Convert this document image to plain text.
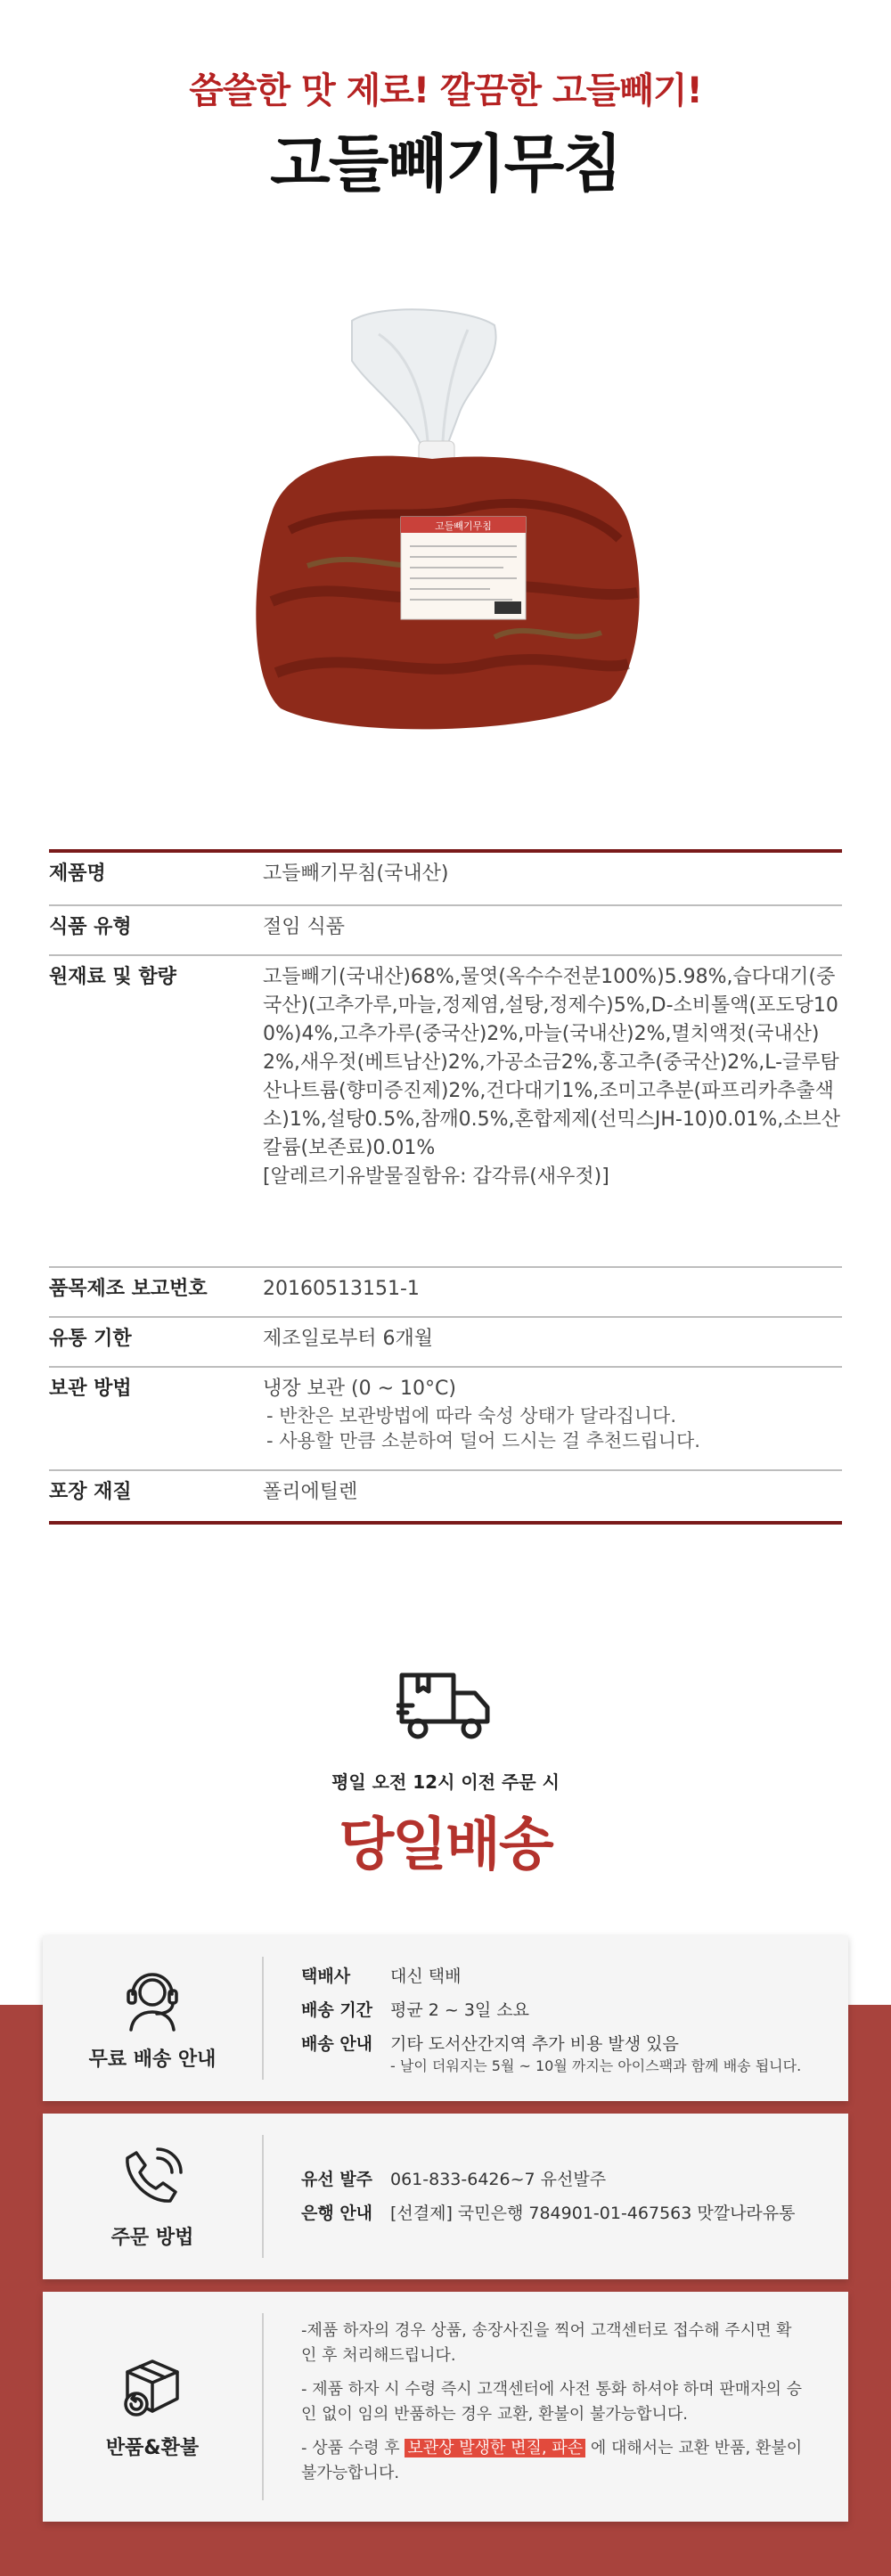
씁쓸한 맛 제로! 깔끔한 고들빼기!
고들빼기무침
고들빼기무침
제품명	고들빼기무침(국내산)
식품 유형	절임 식품
원재료 및 함량	고들빼기(국내산)68%,물엿(옥수수전분100%)5.98%,습다대기(중국산)(고추가루,마늘,정제염,설탕,정제수)5%,D-소비톨액(포도당100%)4%,고추가루(중국산)2%,마늘(국내산)2%,멸치액젓(국내산)2%,새우젓(베트남산)2%,가공소금2%,홍고추(중국산)2%,L-글루탐산나트륨(향미증진제)2%,건다대기1%,조미고추분(파프리카추출색소)1%,설탕0.5%,참깨0.5%,혼합제제(선믹스JH-10)0.01%,소브산칼륨(보존료)0.01%
[알레르기유발물질함유: 갑각류(새우젓)]
품목제조 보고번호	20160513151-1
유통 기한	제조일로부터 6개월
보관 방법	냉장 보관 (0 ~ 10°C)
- 반찬은 보관방법에 따라 숙성 상태가 달라집니다.
- 사용할 만큼 소분하여 덜어 드시는 걸 추천드립니다.
포장 재질	폴리에틸렌
평일 오전 12시 이전 주문 시
당일배송
무료 배송 안내
택배사 대신 택배
배송 기간 평균 2 ~ 3일 소요
배송 안내 기타 도서산간지역 추가 비용 발생 있음
- 날이 더워지는 5월 ~ 10월 까지는 아이스팩과 함께 배송 됩니다.
주문 방법
유선 발주 061-833-6426~7 유선발주
은행 안내 [선결제] 국민은행 784901-01-467563 맛깔나라유통
반품&환불
-제품 하자의 경우 상품, 송장사진을 찍어 고객센터로 접수해 주시면 확인 후 처리해드립니다.
- 제품 하자 시 수령 즉시 고객센터에 사전 통화 하셔야 하며 판매자의 승인 없이 임의 반품하는 경우 교환, 환불이 불가능합니다.
- 상품 수령 후 보관상 발생한 변질, 파손 에 대해서는 교환 반품, 환불이 불가능합니다.
